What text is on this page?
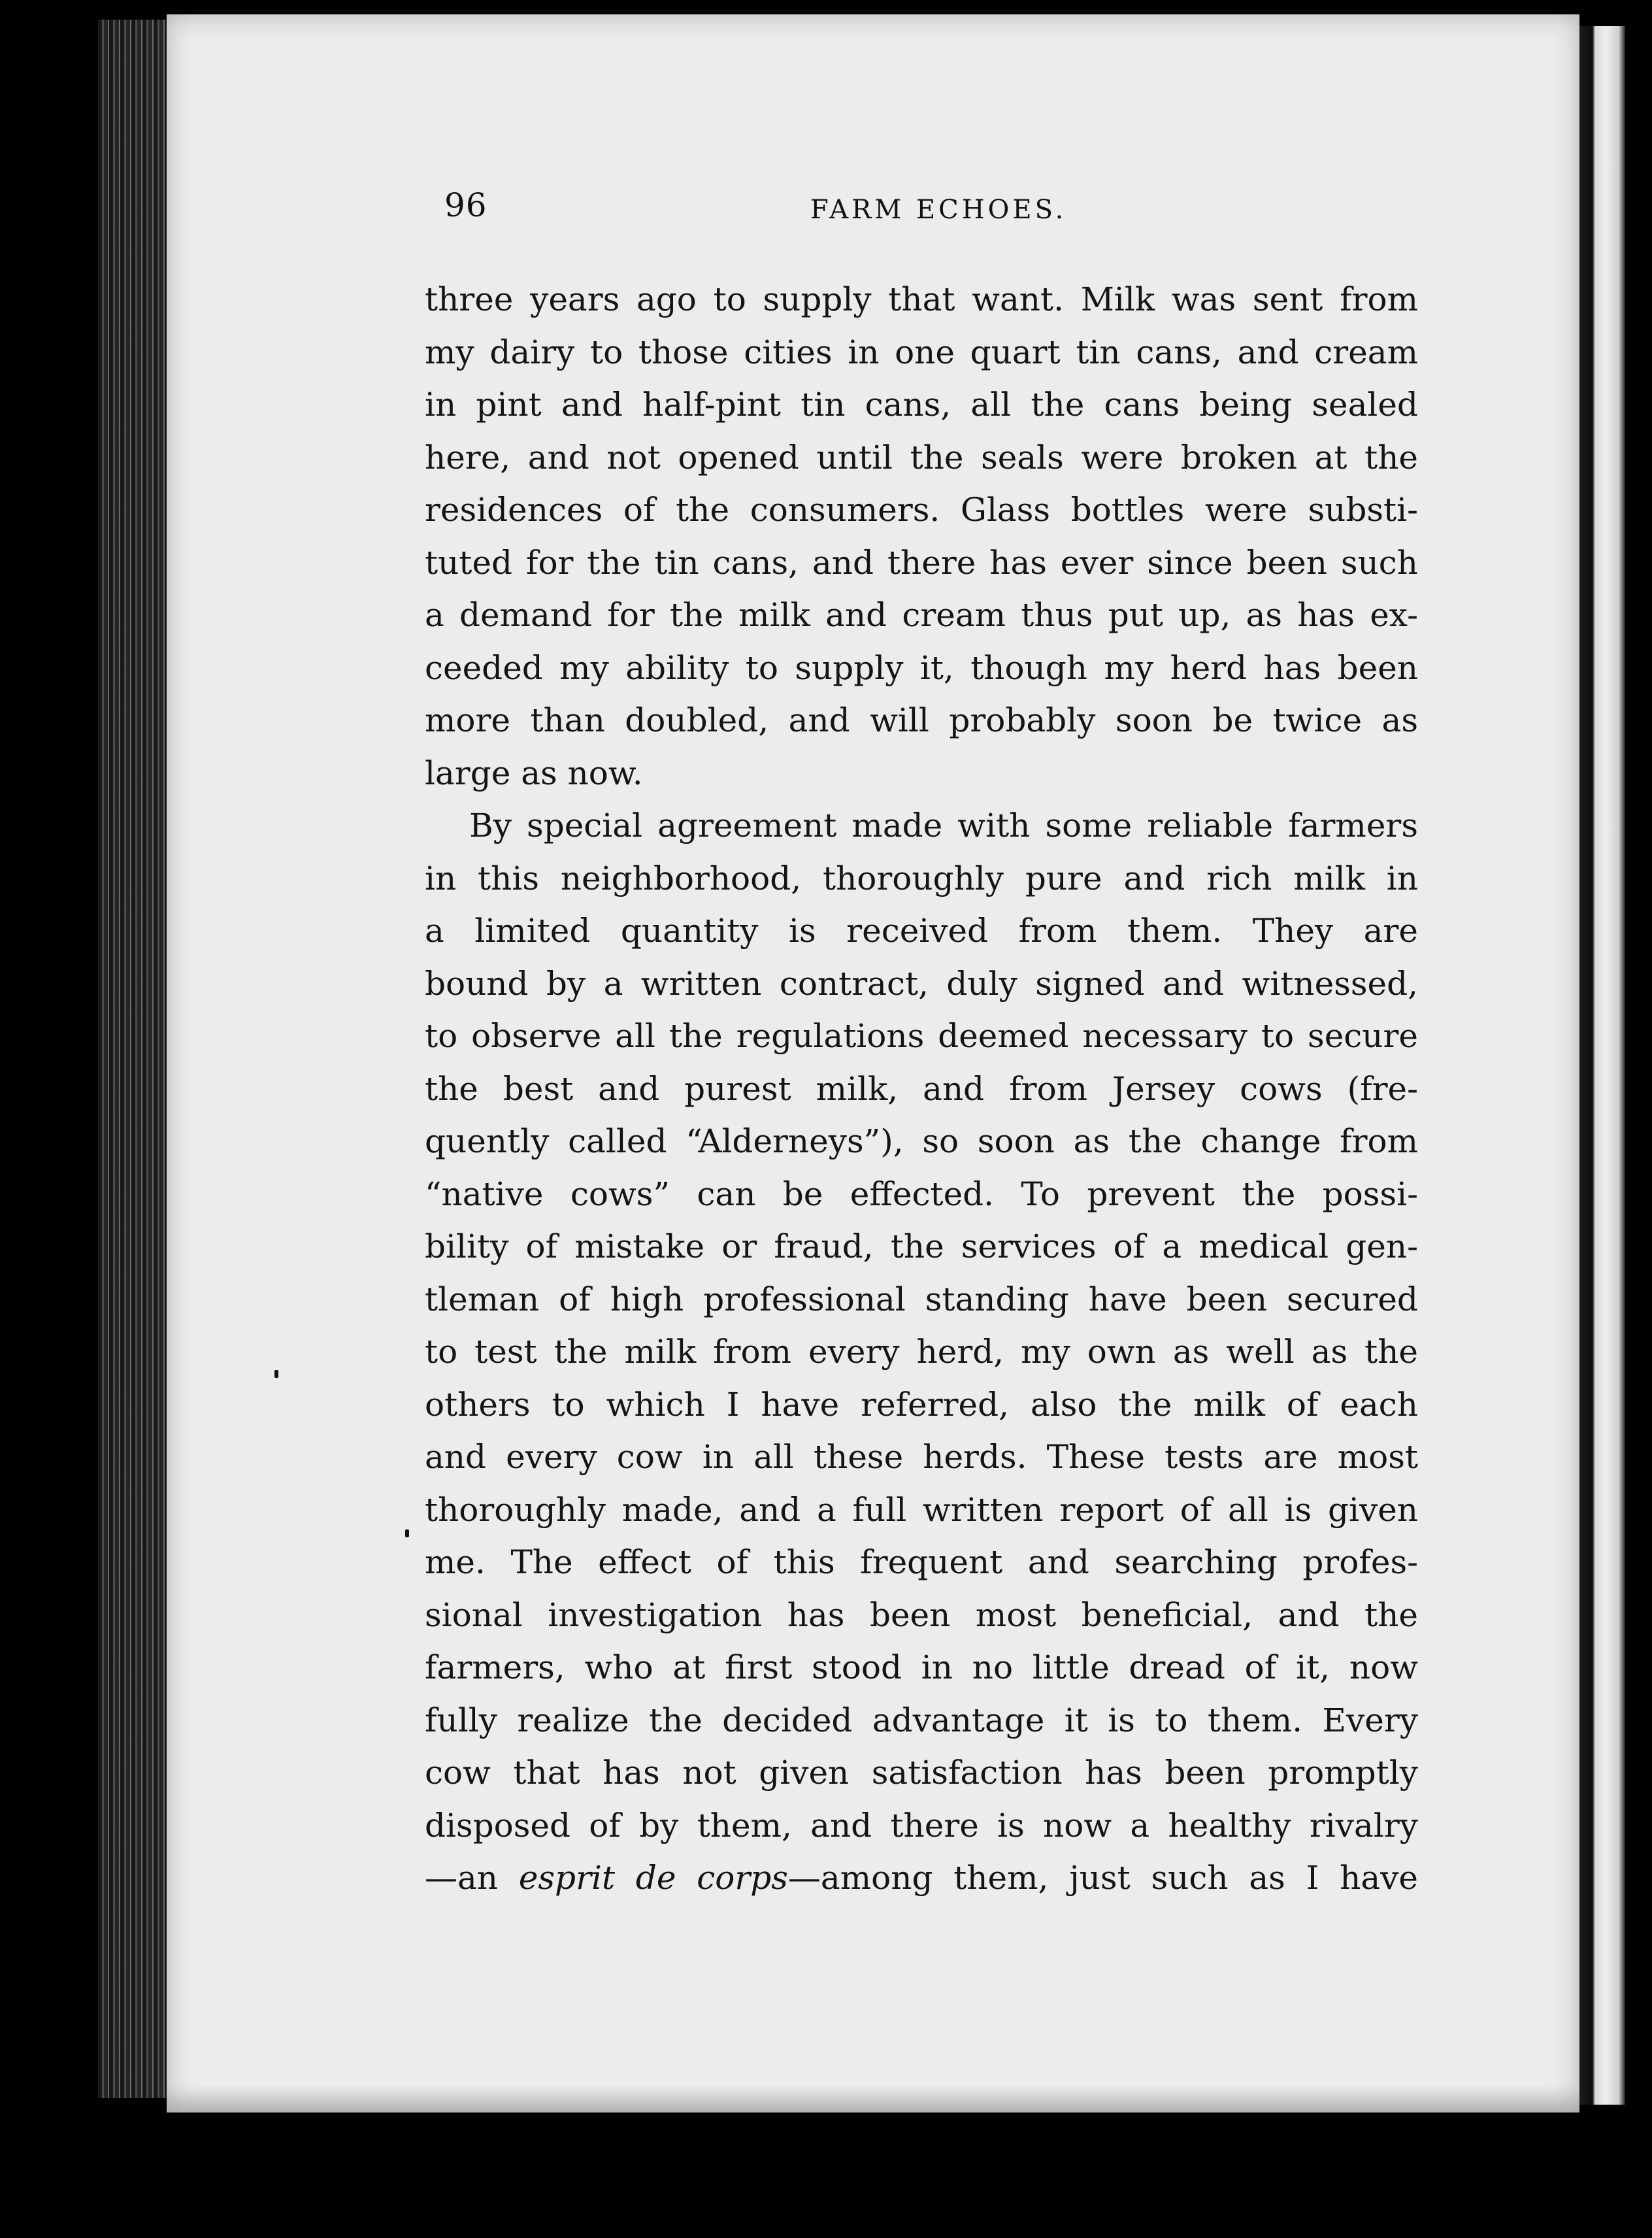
96	FARM ECHOES.
three years ago to supply that want. Milk was sent from
my dairy to those cities in one quart tin cans, and cream
in pint and half-pint tin cans, all the cans being sealed
here, and not opened until the seals were broken at the
residences of the consumers. Glass bottles were substi-
tuted for the tin cans, and there has ever since been such
a demand for the milk and cream thus put up, as has ex-
ceeded my ability to supply it, though my herd has been
more than doubled, and will probably soon be twice as
large as now.
By special agreement made with some reliable farmers
in this neighborhood, thoroughly pure and rich milk in
a limited quantity is received from them. They are
bound by a written contract, duly signed and witnessed,
to observe all the regulations deemed necessary to secure
the best and purest milk, and from Jersey cows (fre-
quently called “Alderneys”), so soon as the change from
“native cows” can be effected. To prevent the possi-
bility of mistake or fraud, the services of a medical gen-
tleman of high professional standing have been secured
to test the milk from every herd, my own as well as the
others to which I have referred, also the milk of each
and every cow in all these herds. These tests are most
thoroughly made, and a full written report of all is given
me. The effect of this frequent and searching profes-
sional investigation has been most beneficial, and the
farmers, who at first stood in no little dread of it, now
fully realize the decided advantage it is to them. Every
cow that has not given satisfaction has been promptly
disposed of by them, and there is now a healthy rivalry
—an esprit de corps—among them, just such as I have
